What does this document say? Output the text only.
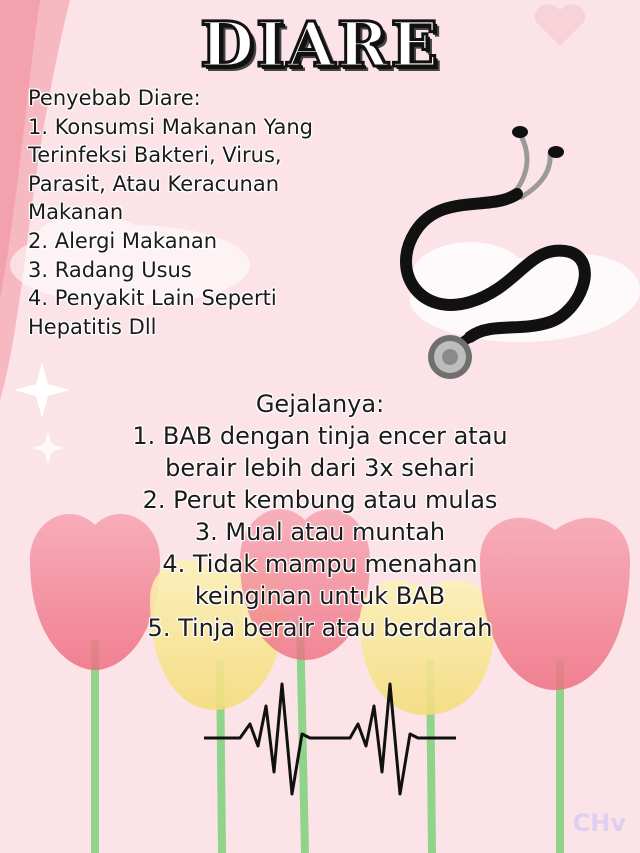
DIARE
Penyebab Diare:
1. Konsumsi Makanan Yang
Terinfeksi Bakteri, Virus,
Parasit, Atau Keracunan
Makanan
2. Alergi Makanan
3. Radang Usus
4. Penyakit Lain Seperti
Hepatitis Dll
Gejalanya:
1. BAB dengan tinja encer atau
berair lebih dari 3x sehari
2. Perut kembung atau mulas
3. Mual atau muntah
4. Tidak mampu menahan
keinginan untuk BAB
5. Tinja berair atau berdarah
CHv
